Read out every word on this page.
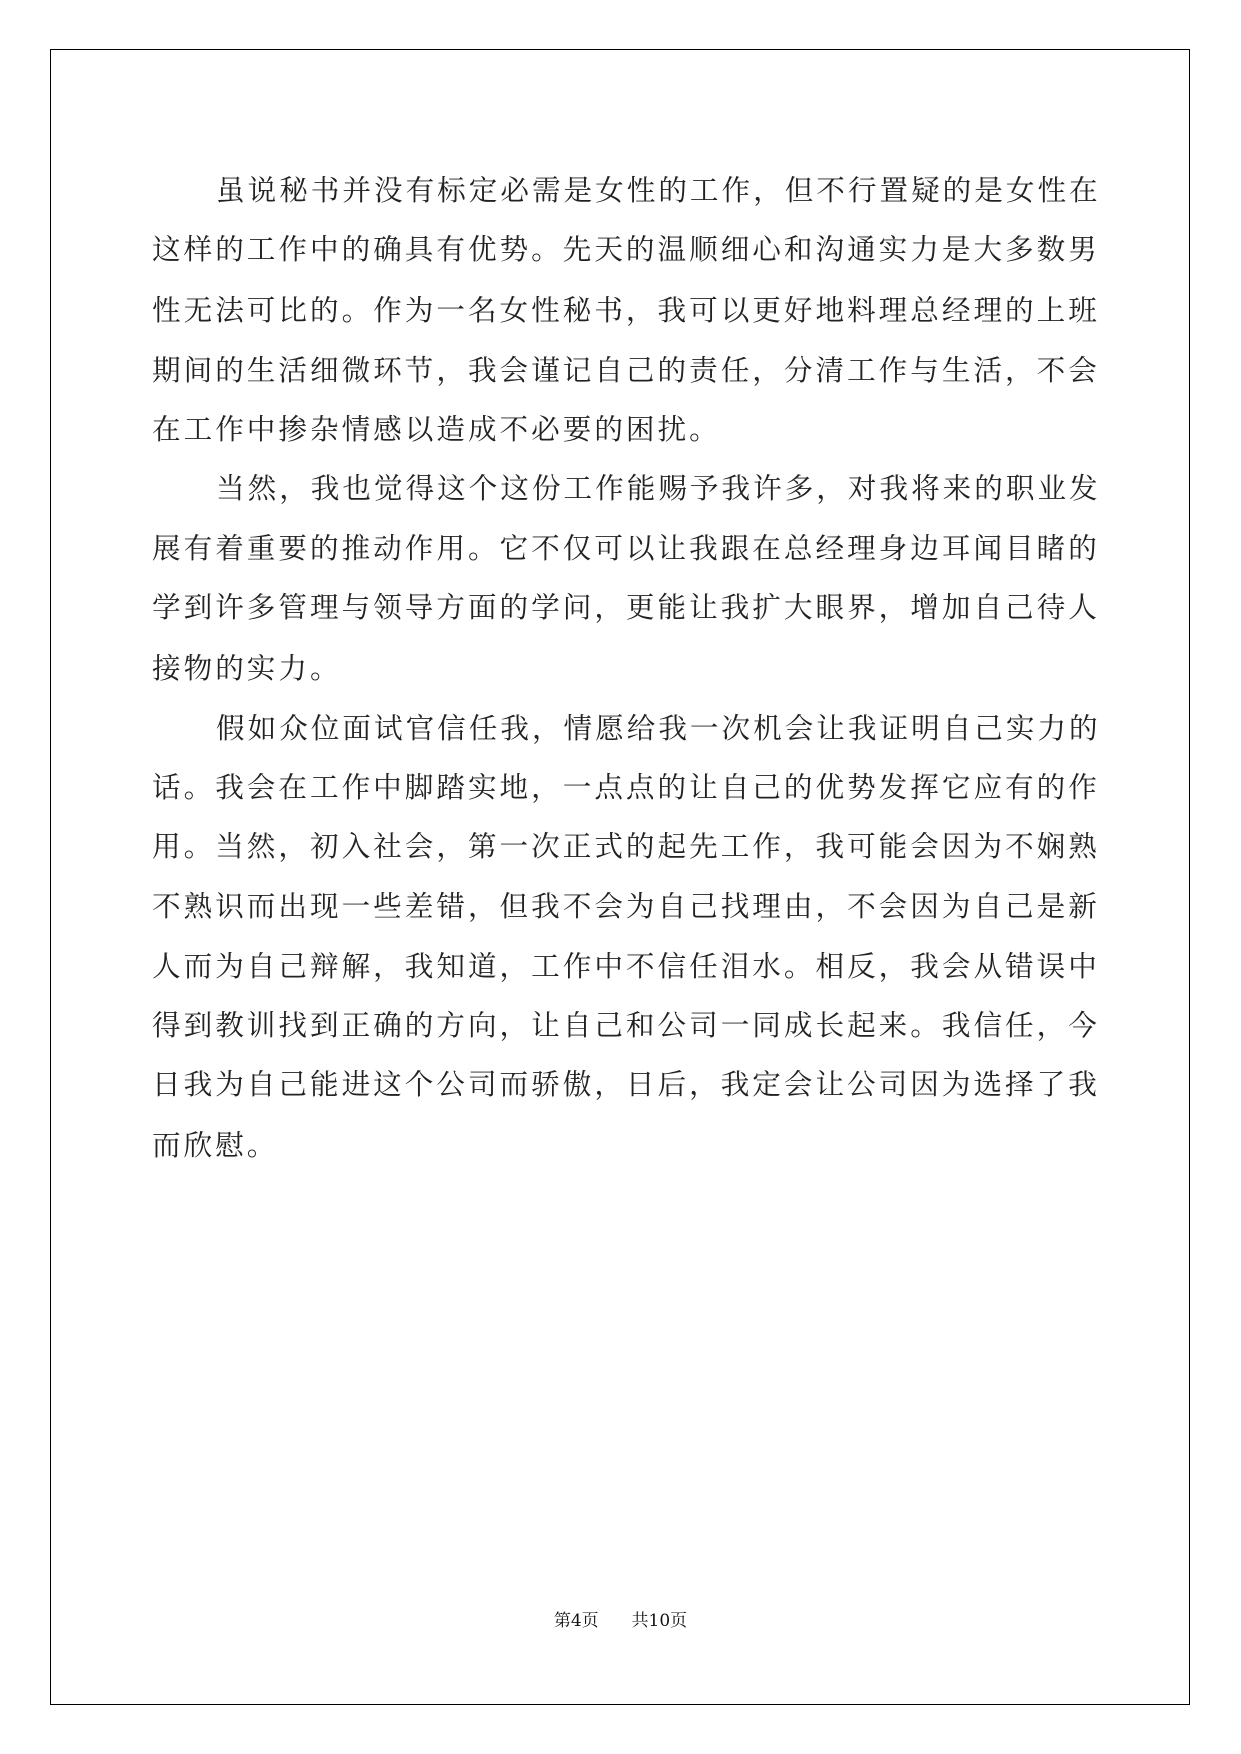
虽说秘书并没有标定必需是女性的工作，但不行置疑的是女性在

这样的工作中的确具有优势。先天的温顺细心和沟通实力是大多数男

性无法可比的。作为一名女性秘书，我可以更好地料理总经理的上班

期间的生活细微环节，我会谨记自己的责任，分清工作与生活，不会

在工作中掺杂情感以造成不必要的困扰。

当然，我也觉得这个这份工作能赐予我许多，对我将来的职业发

展有着重要的推动作用。它不仅可以让我跟在总经理身边耳闻目睹的

学到许多管理与领导方面的学问，更能让我扩大眼界，增加自己待人

接物的实力。

假如众位面试官信任我，情愿给我一次机会让我证明自己实力的

话。我会在工作中脚踏实地，一点点的让自己的优势发挥它应有的作

用。当然，初入社会，第一次正式的起先工作，我可能会因为不娴熟

不熟识而出现一些差错，但我不会为自己找理由，不会因为自己是新

人而为自己辩解，我知道，工作中不信任泪水。相反，我会从错误中

得到教训找到正确的方向，让自己和公司一同成长起来。我信任，今

日我为自己能进这个公司而骄傲，日后，我定会让公司因为选择了我

而欣慰。

第4页 共10页
